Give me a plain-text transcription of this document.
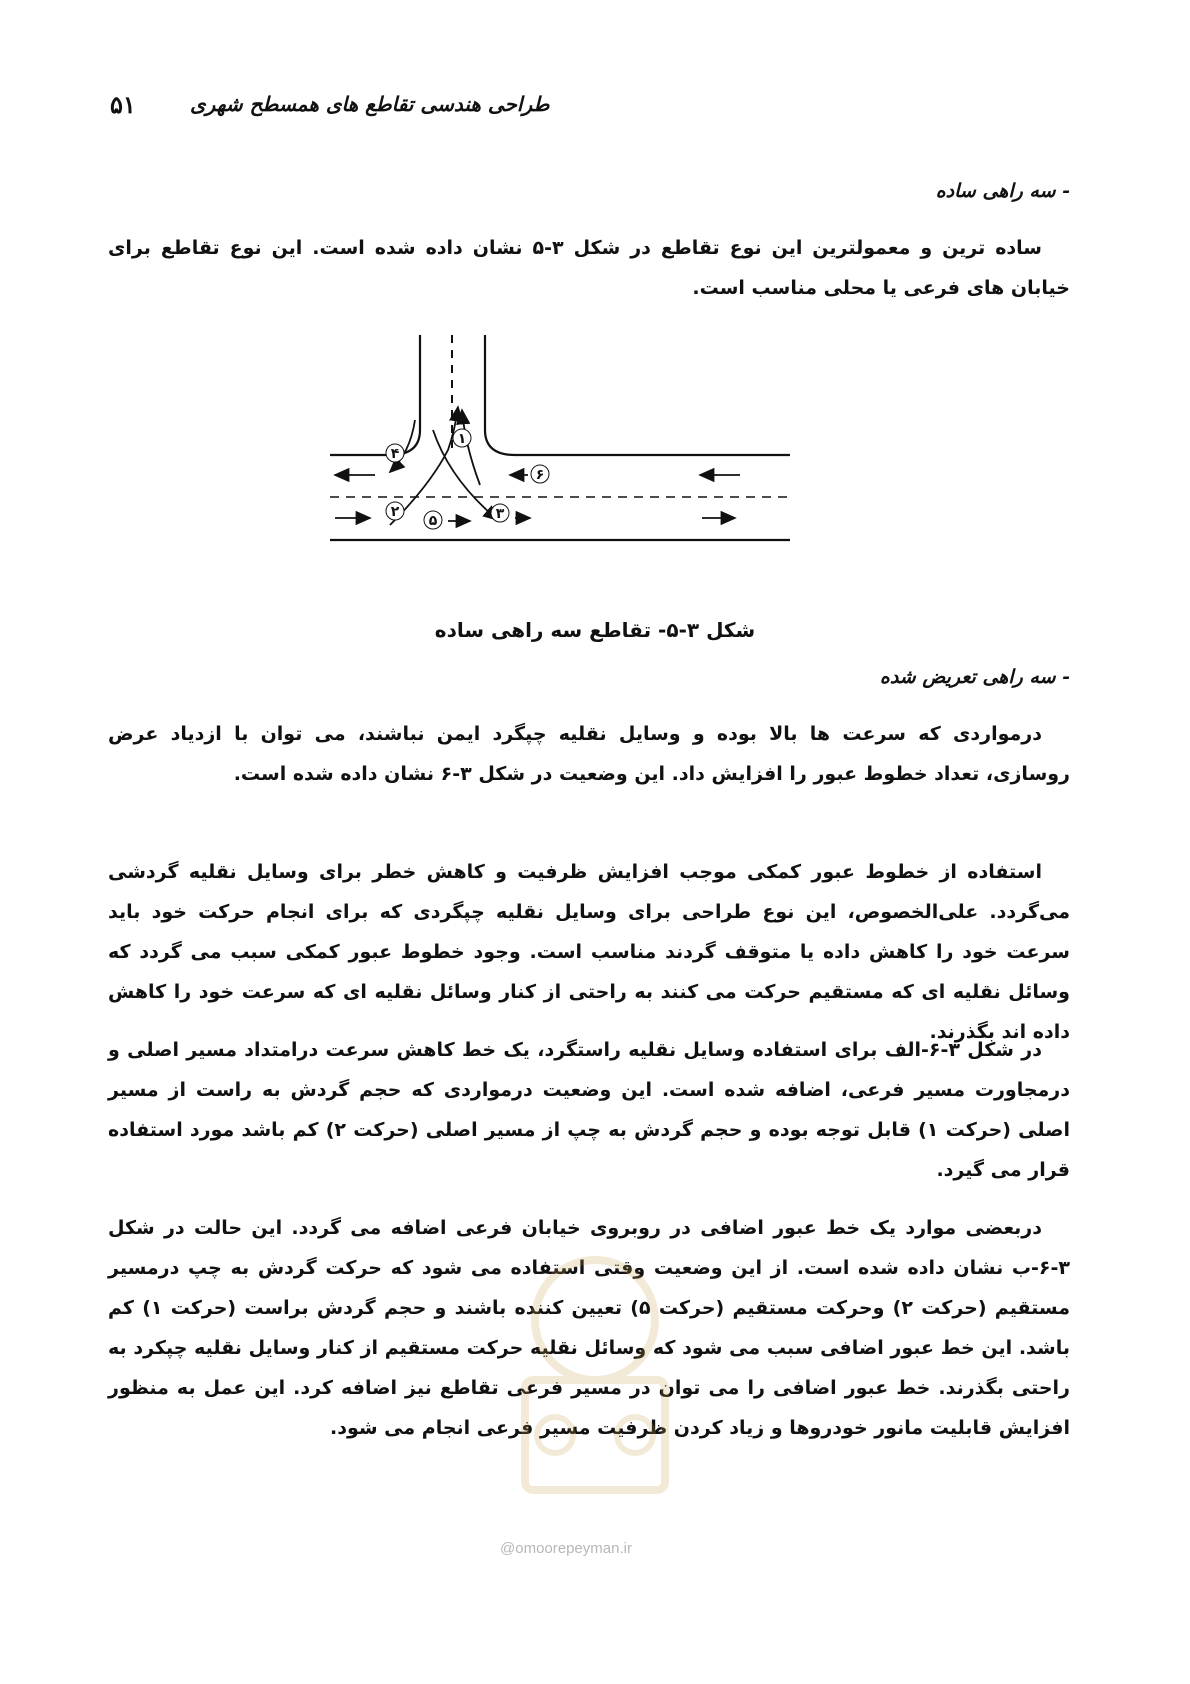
۵۱	طراحی هندسی تقاطع های همسطح شهری
- سه راهی ساده

ساده ترین و معمولترین این نوع تقاطع در شکل ۳-۵ نشان داده شده است. این نوع تقاطع برای خیابان های فرعی یا محلی مناسب است.

۱
۲	۳
۴
۵
۶
شکل ۳-۵- تقاطع سه راهی ساده
- سه راهی تعریض شده

درمواردی که سرعت ها بالا بوده و وسایل نقلیه چپگرد ایمن نباشند، می توان با ازدیاد عرض روسازی، تعداد خطوط عبور را افزایش داد. این وضعیت در شکل ۳-۶ نشان داده شده است.

استفاده از خطوط عبور کمکی موجب افزایش ظرفیت و کاهش خطر برای وسایل نقلیه گردشی می‌گردد. علی‌الخصوص، این نوع طراحی برای وسایل نقلیه چپگردی که برای انجام حرکت خود باید سرعت خود را کاهش داده یا متوقف گردند مناسب است. وجود خطوط عبور کمکی سبب می گردد که وسائل نقلیه ای که مستقیم حرکت می کنند به راحتی از کنار وسائل نقلیه ای که سرعت خود را کاهش داده اند بگذرند.

در شکل ۳-۶-الف برای استفاده وسایل نقلیه راستگرد، یک خط کاهش سرعت درامتداد مسیر اصلی و درمجاورت مسیر فرعی، اضافه شده است. این وضعیت درمواردی که حجم گردش به راست از مسیر اصلی (حرکت ۱) قابل توجه بوده و حجم گردش به چپ از مسیر اصلی (حرکت ۲) کم باشد مورد استفاده قرار می گیرد.

دربعضی موارد یک خط عبور اضافی در روبروی خیابان فرعی اضافه می گردد. این حالت در شکل ۳-۶-ب نشان داده شده است. از این وضعیت وقتی استفاده می شود که حرکت گردش به چپ درمسیر مستقیم (حرکت ۲) وحرکت مستقیم (حرکت ۵) تعیین کننده باشند و حجم گردش براست (حرکت ۱) کم باشد. این خط عبور اضافی سبب می شود که وسائل نقلیه حرکت مستقیم از کنار وسایل نقلیه چپکرد به راحتی بگذرند. خط عبور اضافی را می توان در مسیر فرعی تقاطع نیز اضافه کرد. این عمل به منظور افزایش قابلیت مانور خودروها و زیاد کردن ظرفیت مسیر فرعی انجام می شود.

@omoorepeyman.ir
